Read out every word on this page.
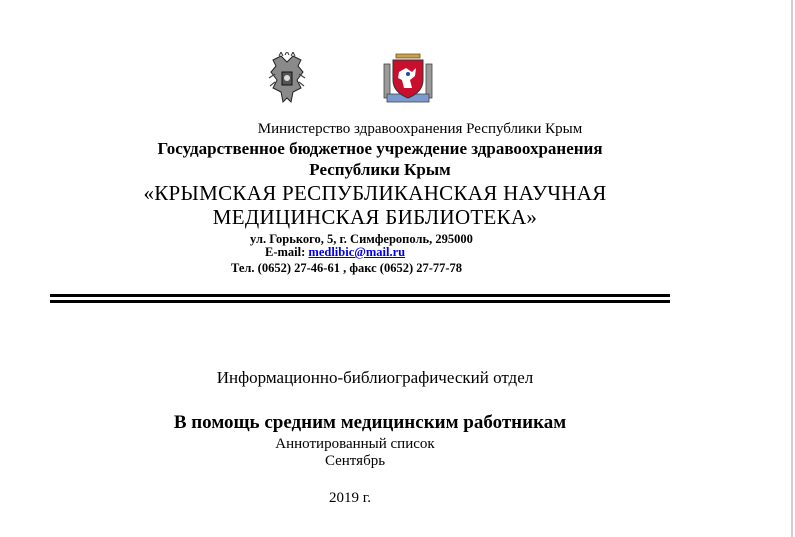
Министерство здравоохранения Республики Крым
Государственное бюджетное учреждение здравоохранения
Республики Крым
«КРЫМСКАЯ РЕСПУБЛИКАНСКАЯ НАУЧНАЯ
МЕДИЦИНСКАЯ БИБЛИОТЕКА»
ул. Горького, 5, г. Симферополь, 295000
E-mail: medlibic@mail.ru
Тел. (0652) 27-46-61 , факс (0652) 27-77-78
Информационно-библиографический отдел
В помощь средним медицинским работникам
Аннотированный список
Сентябрь
2019 г.
